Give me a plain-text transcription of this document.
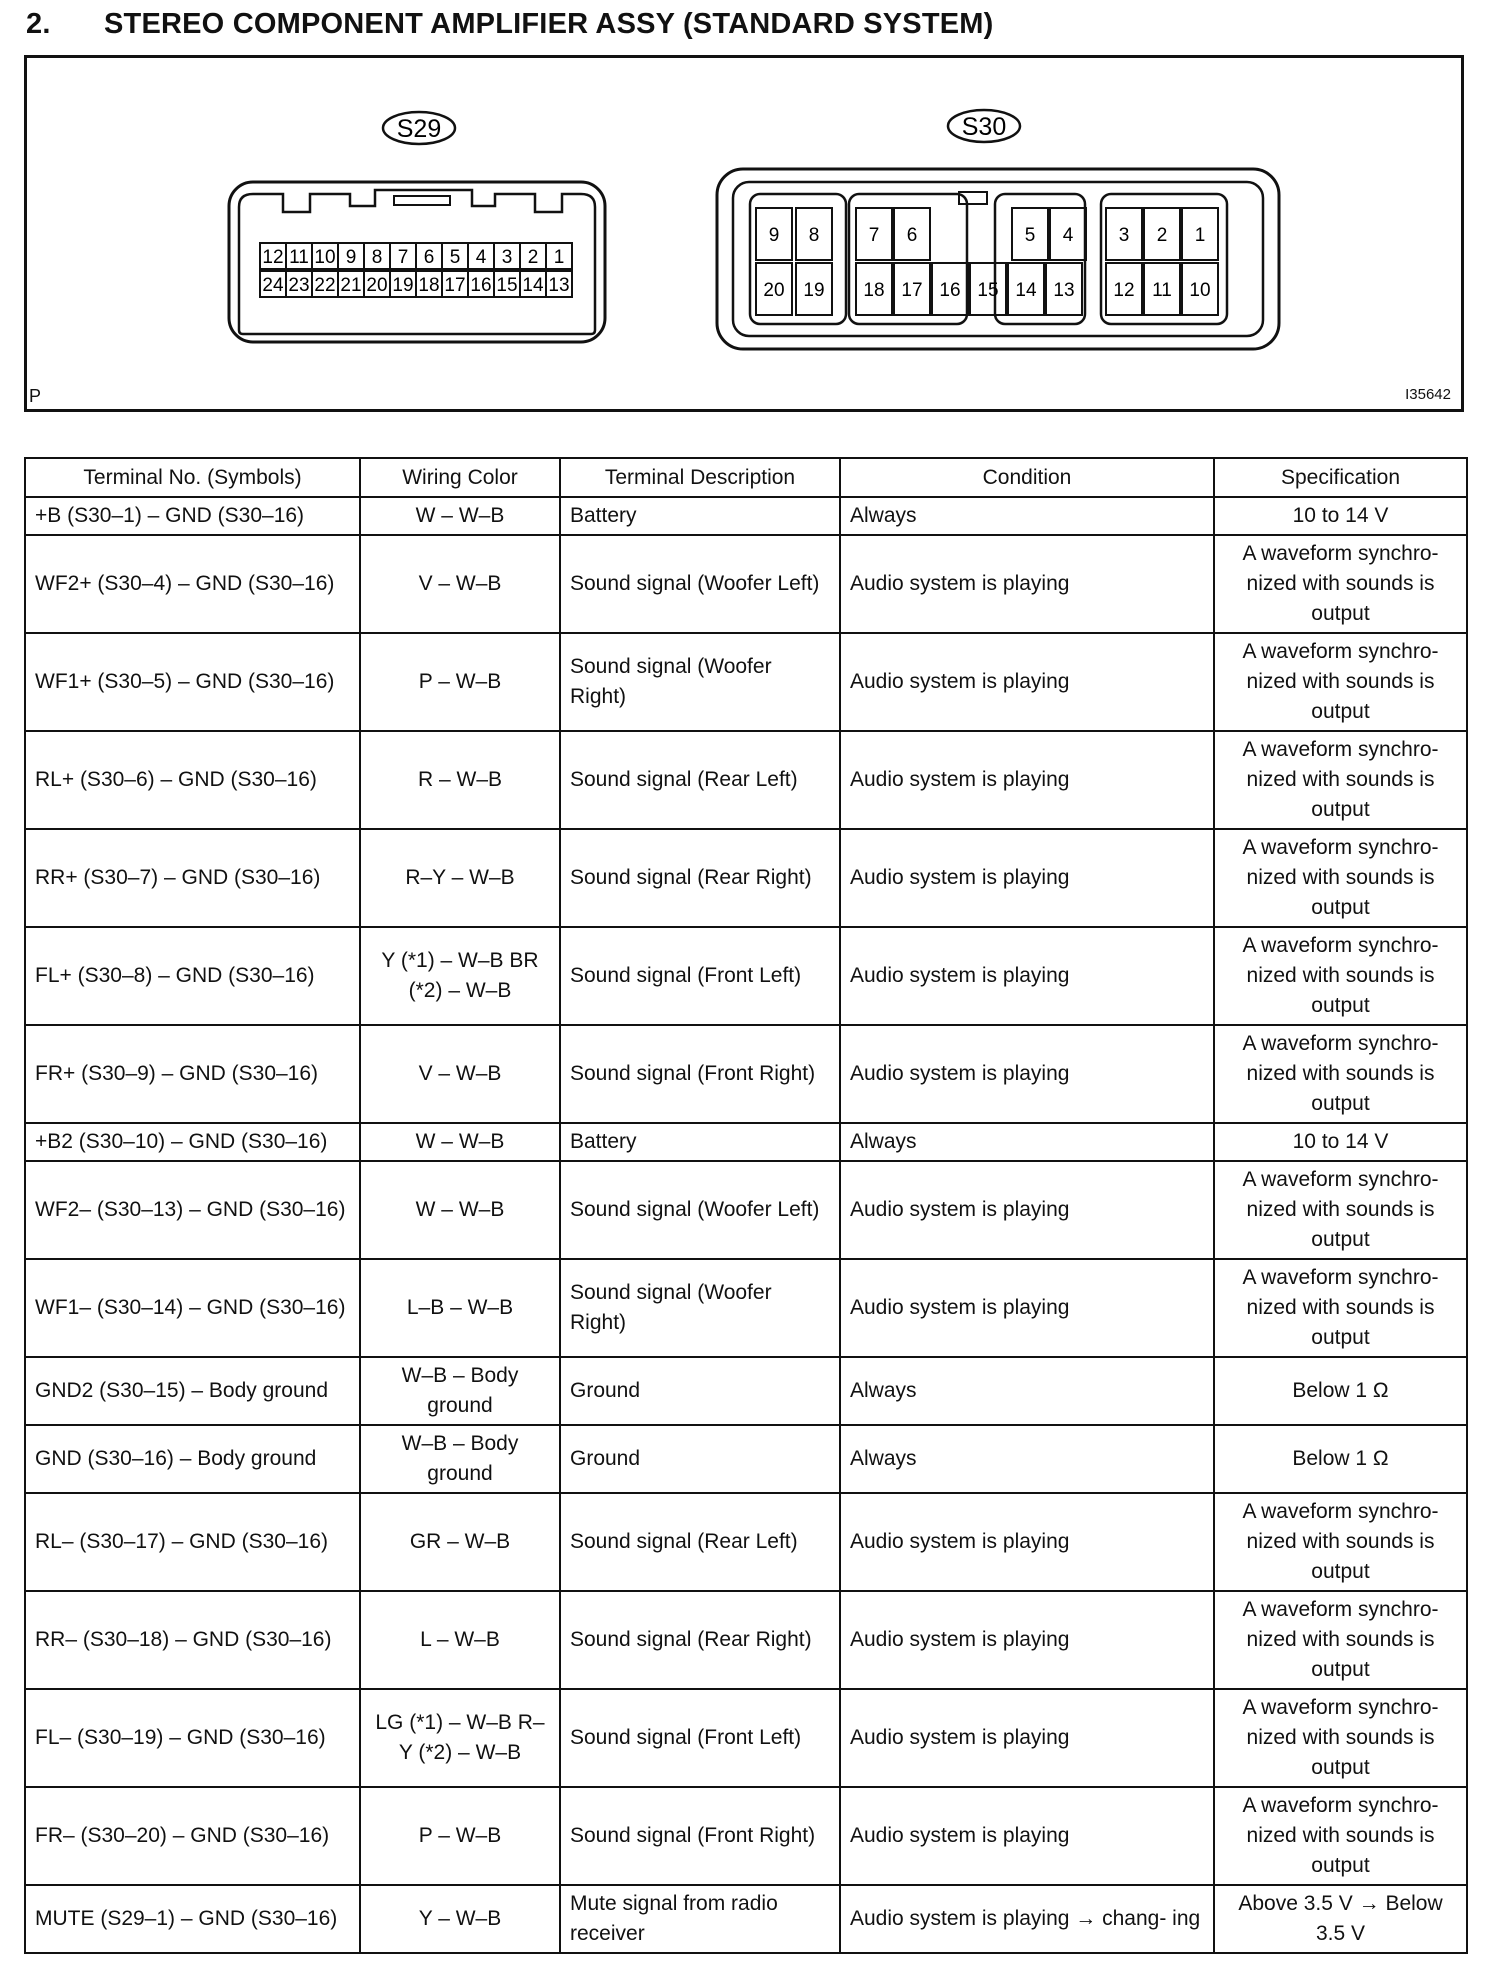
2. STEREO COMPONENT AMPLIFIER ASSY (STANDARD SYSTEM)
S29
12 11 10 9 8 7 6 5 4 3 2 1
24 23 22 21 20 19 18 17 16 15 14 13
S30
9 8	7 6	5 4 3 2 1
20 19 18 17 16 15 14 13 12 11 10
P	I35642
Terminal No. (Symbols)	Wiring Color	Terminal Description	Condition	Specification
+B (S30–1) – GND (S30–16)	W – W–B	Battery	Always	10 to 14 V
WF2+ (S30–4) – GND (S30–16)	V – W–B	Sound signal (Woofer Left)	Audio system is playing	A waveform synchro- nized with sounds is output
WF1+ (S30–5) – GND (S30–16)	P – W–B	Sound signal (Woofer Right)	Audio system is playing	A waveform synchro- nized with sounds is output
RL+ (S30–6) – GND (S30–16)	R – W–B	Sound signal (Rear Left)	Audio system is playing	A waveform synchro- nized with sounds is output
RR+ (S30–7) – GND (S30–16)	R–Y – W–B	Sound signal (Rear Right)	Audio system is playing	A waveform synchro- nized with sounds is output
FL+ (S30–8) – GND (S30–16)	Y (*1) – W–B BR (*2) – W–B	Sound signal (Front Left)	Audio system is playing	A waveform synchro- nized with sounds is output
FR+ (S30–9) – GND (S30–16)	V – W–B	Sound signal (Front Right)	Audio system is playing	A waveform synchro- nized with sounds is output
+B2 (S30–10) – GND (S30–16)	W – W–B	Battery	Always	10 to 14 V
WF2– (S30–13) – GND (S30–16)	W – W–B	Sound signal (Woofer Left)	Audio system is playing	A waveform synchro- nized with sounds is output
WF1– (S30–14) – GND (S30–16)	L–B – W–B	Sound signal (Woofer Right)	Audio system is playing	A waveform synchro- nized with sounds is output
GND2 (S30–15) – Body ground	W–B – Body ground	Ground	Always	Below 1 Ω
GND (S30–16) – Body ground	W–B – Body ground	Ground	Always	Below 1 Ω
RL– (S30–17) – GND (S30–16)	GR – W–B	Sound signal (Rear Left)	Audio system is playing	A waveform synchro- nized with sounds is output
RR– (S30–18) – GND (S30–16)	L – W–B	Sound signal (Rear Right)	Audio system is playing	A waveform synchro- nized with sounds is output
FL– (S30–19) – GND (S30–16)	LG (*1) – W–B R–Y (*2) – W–B	Sound signal (Front Left)	Audio system is playing	A waveform synchro- nized with sounds is output
FR– (S30–20) – GND (S30–16)	P – W–B	Sound signal (Front Right)	Audio system is playing	A waveform synchro- nized with sounds is output
MUTE (S29–1) – GND (S30–16)	Y – W–B	Mute signal from radio receiver	Audio system is playing → chang- ing	Above 3.5 V → Below 3.5 V
